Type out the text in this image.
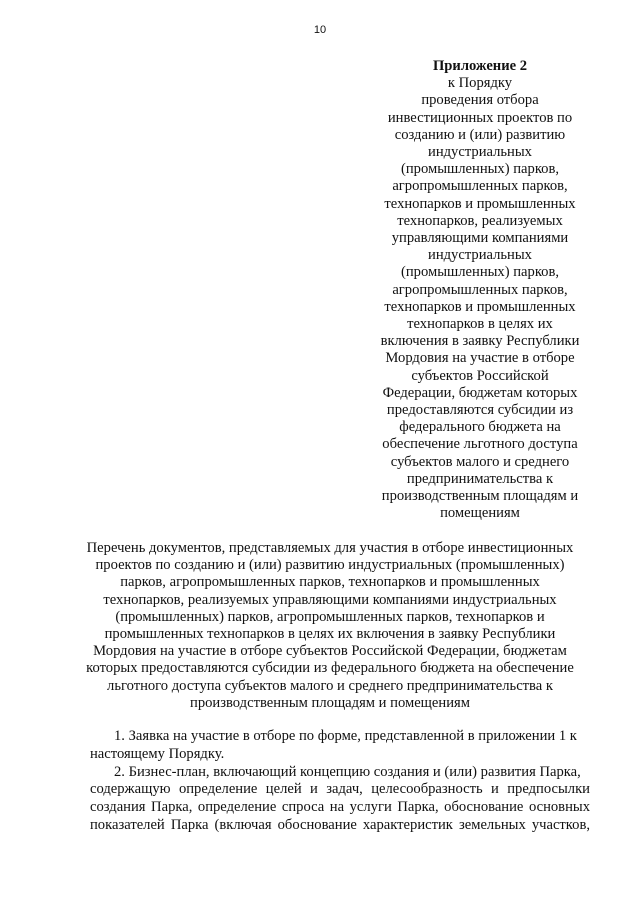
10
Приложение 2
к Порядку
проведения отбора
инвестиционных проектов по
созданию и (или) развитию
индустриальных
(промышленных) парков,
агропромышленных парков,
технопарков и промышленных
технопарков, реализуемых
управляющими компаниями
индустриальных
(промышленных) парков,
агропромышленных парков,
технопарков и промышленных
технопарков в целях их
включения в заявку Республики
Мордовия на участие в отборе
субъектов Российской
Федерации, бюджетам которых
предоставляются субсидии из
федерального бюджета на
обеспечение льготного доступа
субъектов малого и среднего
предпринимательства к
производственным площадям и
помещениям
Перечень документов, представляемых для участия в отборе инвестиционных
проектов по созданию и (или) развитию индустриальных (промышленных)
парков, агропромышленных парков, технопарков и промышленных
технопарков, реализуемых управляющими компаниями индустриальных
(промышленных) парков, агропромышленных парков, технопарков и
промышленных технопарков в целях их включения в заявку Республики
Мордовия на участие в отборе субъектов Российской Федерации, бюджетам
которых предоставляются субсидии из федерального бюджета на обеспечение
льготного доступа субъектов малого и среднего предпринимательства к
производственным площадям и помещениям
1. Заявка на участие в отборе по форме, представленной в приложении 1 к
настоящему Порядку.
2. Бизнес-план, включающий концепцию создания и (или) развития Парка,
содержащую определение целей и задач, целесообразность и предпосылки
создания Парка, определение спроса на услуги Парка, обоснование основных
показателей Парка (включая обоснование характеристик земельных участков,
